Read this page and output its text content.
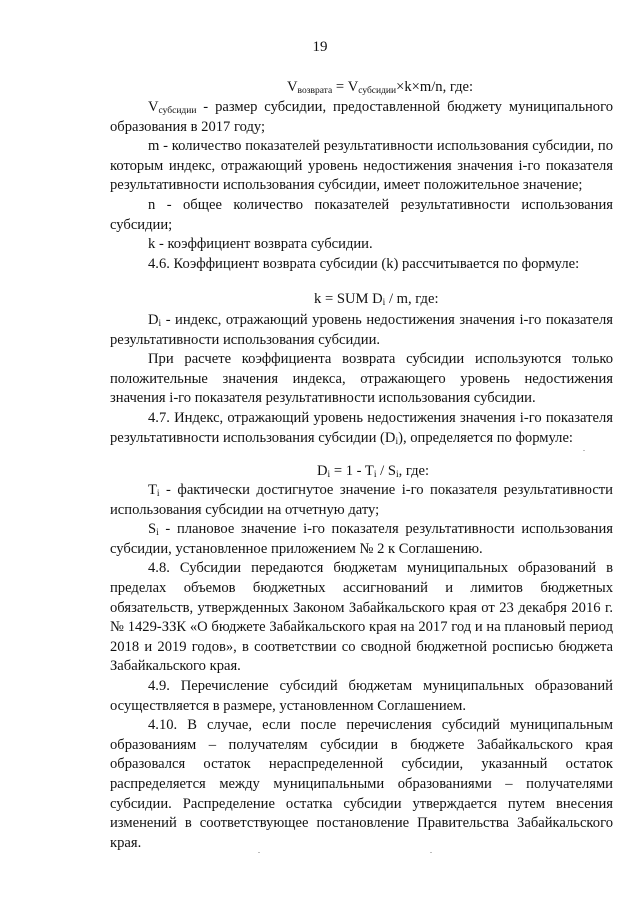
19

$V_{возврата} = V_{субсидии}\times k\times m/n$, где:

$V_{субсидии}$ - размер субсидии, предоставленной бюджету муниципального образования в 2017 году;

m - количество показателей результативности использования субсидии, по которым индекс, отражающий уровень недостижения значения i-го показателя результативности использования субсидии, имеет положительное значение;

n - общее количество показателей результативности использования субсидии;

k - коэффициент возврата субсидии.

4.6. Коэффициент возврата субсидии (k) рассчитывается по формуле:

k = SUM $D_i$ / m, где:

$D_i$ - индекс, отражающий уровень недостижения значения i-го показателя результативности использования субсидии.

При расчете коэффициента возврата субсидии используются только положительные значения индекса, отражающего уровень недостижения значения i-го показателя результативности использования субсидии.

4.7. Индекс, отражающий уровень недостижения значения i-го показателя результативности использования субсидии $(D_i)$, определяется по формуле:

$D_i = 1 - T_i / S_i$, где:

$T_i$ - фактически достигнутое значение i-го показателя результативности использования субсидии на отчетную дату;

$S_i$ - плановое значение i-го показателя результативности использования субсидии, установленное приложением № 2 к Соглашению.

4.8. Субсидии передаются бюджетам муниципальных образований в пределах объемов бюджетных ассигнований и лимитов бюджетных обязательств, утвержденных Законом Забайкальского края от 23 декабря 2016 г. № 1429-ЗЗК «О бюджете Забайкальского края на 2017 год и на плановый период 2018 и 2019 годов», в соответствии со сводной бюджетной росписью бюджета Забайкальского края.

4.9. Перечисление субсидий бюджетам муниципальных образований осуществляется в размере, установленном Соглашением.

4.10. В случае, если после перечисления субсидий муниципальным образованиям – получателям субсидии в бюджете Забайкальского края образовался остаток нераспределенной субсидии, указанный остаток распределяется между муниципальными образованиями – получателями субсидии. Распределение остатка субсидии утверждается путем внесения изменений в соответствующее постановление Правительства Забайкальского края.
